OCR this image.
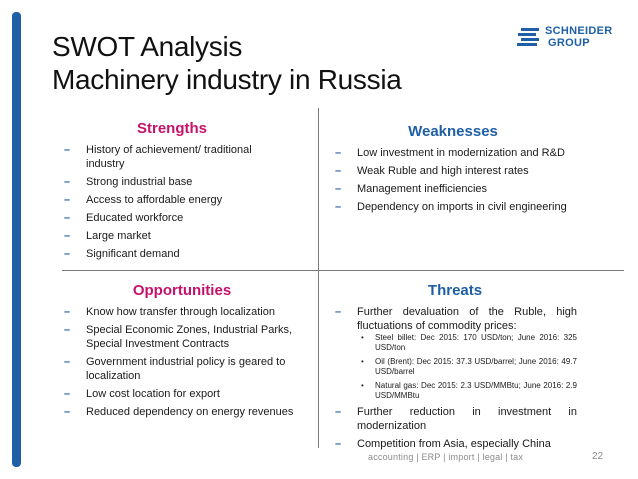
SWOT Analysis
Machinery industry in Russia
SCHNEIDER
GROUP
Strengths
– History of achievement/ traditional industry
– Strong industrial base
– Access to affordable energy
– Educated workforce
– Large market
– Significant demand
Weaknesses
– Low investment in modernization and R&D
– Weak Ruble and high interest rates
– Management inefficiencies
– Dependency on imports in civil engineering
Opportunities
– Know how transfer through localization
– Special Economic Zones, Industrial Parks, Special Investment Contracts
– Government industrial policy is geared to localization
– Low cost location for export
– Reduced dependency on energy revenues
Threats
– Further devaluation of the Ruble, high fluctuations of commodity prices:
• Steel billet: Dec 2015: 170 USD/ton; June 2016: 325 USD/ton
• Oil (Brent): Dec 2015: 37.3 USD/barrel; June 2016: 49.7 USD/barrel
• Natural gas: Dec 2015: 2.3 USD/MMBtu; June 2016: 2.9 USD/MMBtu
– Further reduction in investment in modernization
– Competition from Asia, especially China
accounting | ERP | import | legal | tax	22
